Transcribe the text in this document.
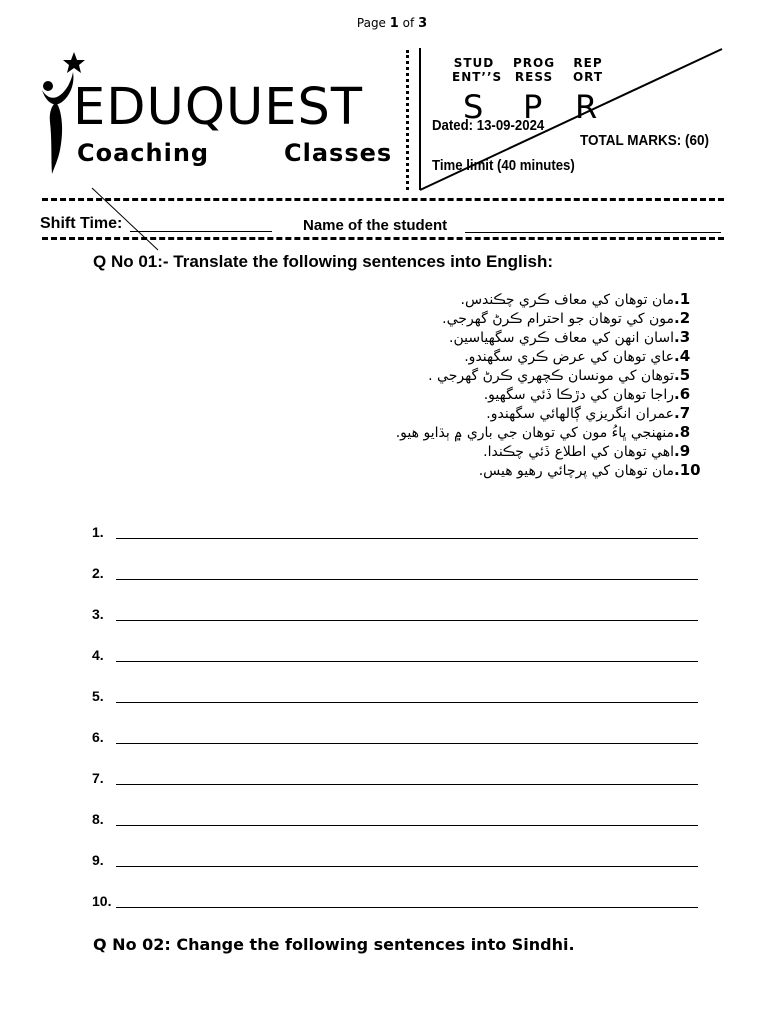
Page 1 of 3
EDUQUEST
Coaching	Classes
STUD ENT’’S
PROG RESS
REP ORT
S P R
Dated: 13-09-2024
TOTAL MARKS: (60)
Time limit (40 minutes)
Shift Time:	Name of the student
Q No 01:- Translate the following sentences into English:
.1مان توهان کي معاف ڪري چڪندس.
.2مون کي توهان جو احترام ڪرڻ گهرجي.
.3اسان انهن کي معاف ڪري سگهياسين.
.4عاي توهان کي عرض ڪري سگهندو.
.5توهان کي مونسان ڪچهري ڪرڻ گهرجي .
.6راجا توهان کي دڙڪا ڏئي سگهيو.
.7عمران انگريزي ڳالهائي سگهندو.
.8منهنجي ڀاءُ مون کي توهان جي باري ۾ ٻڌايو هيو.
.9اهي توهان کي اطلاع ڏئي چڪندا.
.10مان توهان کي پرچائي رهيو هيس.
1.
2.
3.
4.
5.
6.
7.
8.
9.
10.
Q No 02: Change the following sentences into Sindhi.
